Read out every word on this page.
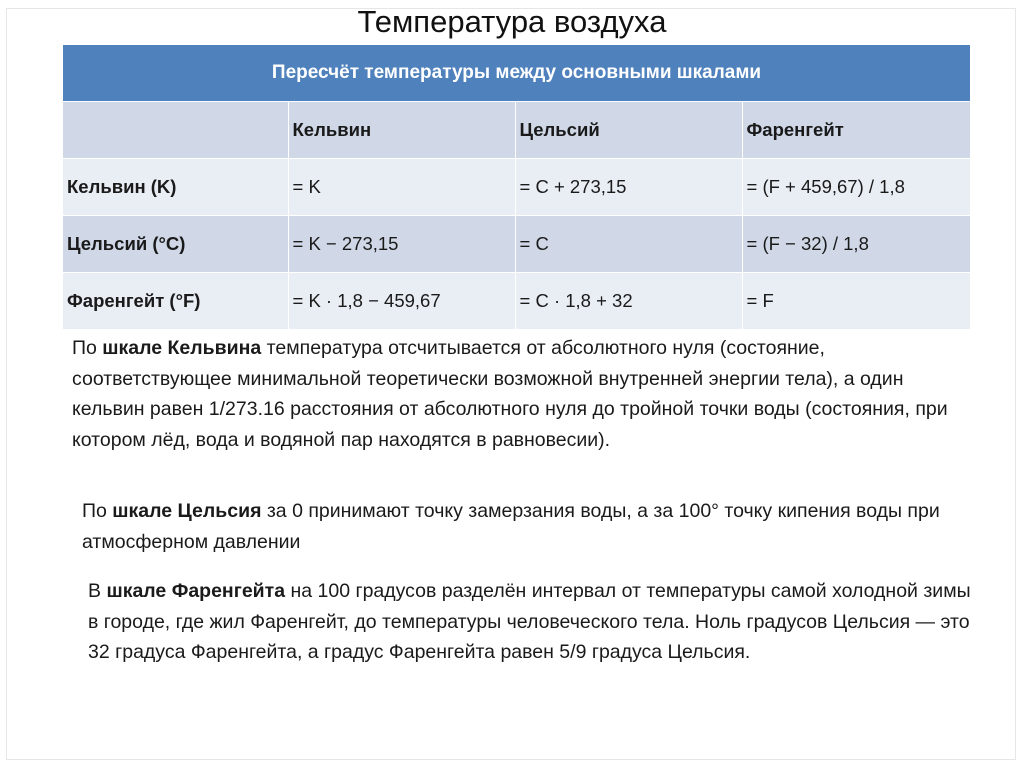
Температура воздуха
Пересчёт температуры между основными шкалами			
	Кельвин	Цельсий	Фаренгейт
Кельвин (K)	= K	= C + 273,15	= (F + 459,67) / 1,8
Цельсий (°C)	= K − 273,15	= C	= (F − 32) / 1,8
Фаренгейт (°F)	= K · 1,8 − 459,67	= C · 1,8 + 32	= F
По шкале Кельвина температура отсчитывается от абсолютного нуля (состояние, соответствующее минимальной теоретически возможной внутренней энергии тела), а один кельвин равен 1/273.16 расстояния от абсолютного нуля до тройной точки воды (состояния, при котором лёд, вода и водяной пар находятся в равновесии).
По шкале Цельсия за 0 принимают точку замерзания воды, а за 100° точку кипения воды при атмосферном давлении
В шкале Фаренгейта на 100 градусов разделён интервал от температуры самой холодной зимы в городе, где жил Фаренгейт, до температуры человеческого тела. Ноль градусов Цельсия — это 32 градуса Фаренгейта, а градус Фаренгейта равен 5/9 градуса Цельсия.
